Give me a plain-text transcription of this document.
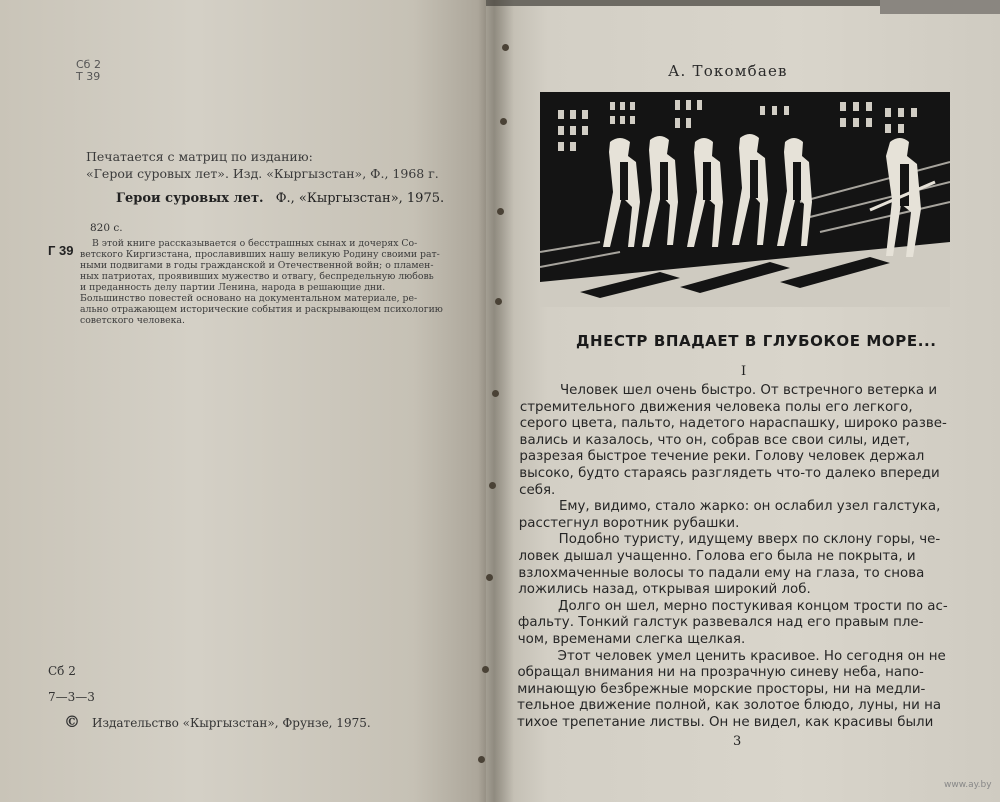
Сб 2
Т 39
Печатается с матриц по изданию:
«Герои суровых лет». Изд. «Кыргызстан», Ф., 1968 г.
Герои суровых лет. Ф., «Кыргызстан», 1975.
820 с.
Г 39 В этой книге рассказывается о бесстрашных сынах и дочерях Со-
ветского Киргизстана, прославивших нашу великую Родину своими рат-
ными подвигами в годы гражданской и Отечественной войн; о пламен-
ных патриотах, проявивших мужество и отвагу, беспредельную любовь
и преданность делу партии Ленина, народа в решающие дни.
Большинство повестей основано на документальном материале, ре-
ально отражающем исторические события и раскрывающем психологию
советского человека.
Сб 2
7—3—3
© Издательство «Кыргызстан», Фрунзе, 1975.
А. Токомбаев
ДНЕСТР ВПАДАЕТ В ГЛУБОКОЕ МОРЕ...
I
Человек шел очень быстро. От встречного ветерка и
стремительного движения человека полы его легкого,
серого цвета, пальто, надетого нараспашку, широко разве-
вались и казалось, что он, собрав все свои силы, идет,
разрезая быстрое течение реки. Голову человек держал
высоко, будто стараясь разглядеть что-то далеко впереди
себя.
Ему, видимо, стало жарко: он ослабил узел галстука,
расстегнул воротник рубашки.
Подобно туристу, идущему вверх по склону горы, че-
ловек дышал учащенно. Голова его была не покрыта, и
взлохмаченные волосы то падали ему на глаза, то снова
ложились назад, открывая широкий лоб.
Долго он шел, мерно постукивая концом трости по ас-
фальту. Тонкий галстук развевался над его правым пле-
чом, временами слегка щелкая.
Этот человек умел ценить красивое. Но сегодня он не
обращал внимания ни на прозрачную синеву неба, напо-
минающую безбрежные морские просторы, ни на медли-
тельное движение полной, как золотое блюдо, луны, ни на
тихое трепетание листвы. Он не видел, как красивы были
3
www.ay.by
